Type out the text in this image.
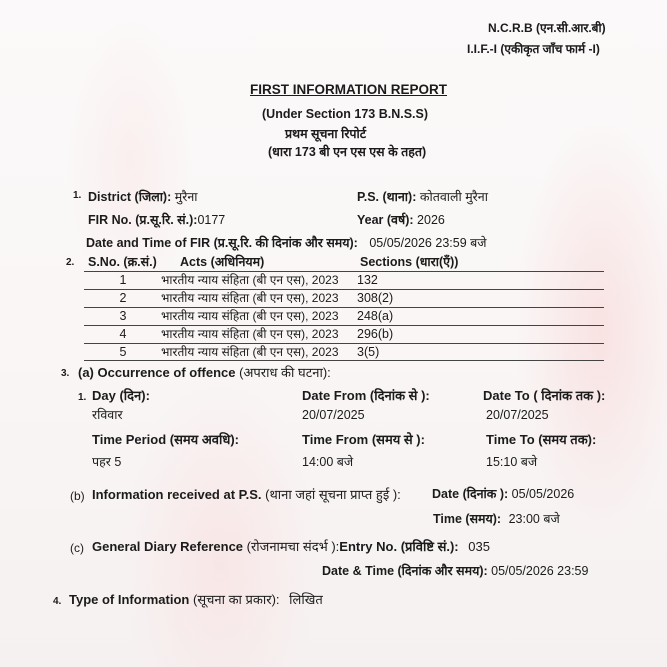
N.C.R.B (एन.सी.आर.बी)
I.I.F.-I (एकीकृत जाँच फार्म -I)
FIRST INFORMATION REPORT
(Under Section 173 B.N.S.S)
प्रथम सूचना रिपोर्ट
(धारा 173 बी एन एस एस के तहत)
1. District (जिला): मुरैना	P.S. (थाना): कोतवाली मुरैना
FIR No. (प्र.सू.रि. सं.):0177	Year (वर्ष): 2026
Date and Time of FIR (प्र.सू.रि. की दिनांक और समय): 05/05/2026 23:59 बजे
2. S.No. (क्र.सं.) Acts (अधिनियम)	Sections (धारा(एँ))
1	भारतीय न्याय संहिता (बी एन एस), 2023 132
2	भारतीय न्याय संहिता (बी एन एस), 2023 308(2)
3	भारतीय न्याय संहिता (बी एन एस), 2023 248(a)
4	भारतीय न्याय संहिता (बी एन एस), 2023 296(b)
5	भारतीय न्याय संहिता (बी एन एस), 2023 3(5)
3. (a) Occurrence of offence (अपराध की घटना):
1. Day (दिन):
रविवार
Date From (दिनांक से ):
20/07/2025
Date To ( दिनांक तक ):
20/07/2025
Time Period (समय अवधि):
पहर 5
Time From (समय से ):
14:00 बजे
Time To (समय तक):
15:10 बजे
(b) Information received at P.S. (थाना जहां सूचना प्राप्त हुई ): Date (दिनांक ): 05/05/2026
Time (समय): 23:00 बजे
(c) General Diary Reference (रोजनामचा संदर्भ ):Entry No. (प्रविष्टि सं.): 035
Date & Time (दिनांक और समय): 05/05/2026 23:59
4. Type of Information (सूचना का प्रकार): लिखित
